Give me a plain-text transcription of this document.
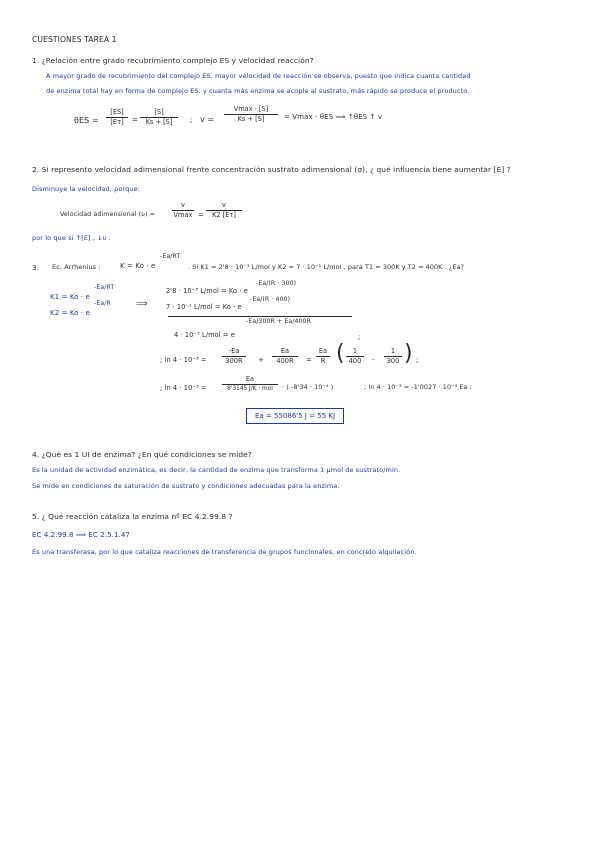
CUESTIONES TAREA 1
1. ¿Relación entre grado recubrimiento complejo ES y velocidad reacción?
A mayor grado de recubrimiento del complejo ES, mayor velocidad de reacción se observa, puesto que indica cuanta cantidad
de enzima total hay en forma de complejo ES, y cuanta más enzima se acople al sustrato, más rápido se produce el producto.
θES =
[ES]
[Eτ]	=
[S]
Ks + [S]	; v =
Vmax · [S]
Ks + [S]	= Vmax · θES ⟹ ↑θES ↑ v
2. Si represento velocidad adimensional frente concentración sustrato adimensional (σ), ¿ qué influencia tiene aumentar [E] ?
Disminuye la velocidad, porque:
Velocidad adimensional (υ) =
v
Vmax =
v
K2 [Eτ]
por lo que si ↑[E] , ↓υ .
3. Ec. Arrhenius :	K = Ko · e
-Ea/RT
. Si K1 = 2'8 · 10⁻³ L/mol y K2 = 7 · 10⁻¹ L/mol , para T1 = 300K y T2 = 400K . ¿Ea?
K1 = Ko · e
-Ea/RT
K2 = Ko · e
-Ea/R	⟹
2'8 · 10⁻³ L/mol = Ko · e
-Ea/(R · 300)
7 · 10⁻¹ L/mol = Ko · e
-Ea/(R · 400)
4 · 10⁻³ L/mol = e
-Ea/300R + Ea/400R
;
; ln 4 · 10⁻³ =
-Ea
300R	+
Ea
400R	=
Ea
R (	1
400	-
1
300 ) ;
; ln 4 · 10⁻³ =
Ea
8'3145 J/K · mol	· ( -8'34 · 10⁻⁴ )	; ln 4 · 10⁻³ = -1'0027 · 10⁻⁴ Ea ;
Ea = 55086'5 J = 55 KJ
4. ¿Qué es 1 UI de enzima? ¿En qué condiciones se mide?
Es la unidad de actividad enzimática, es decir, la cantidad de enzima que transforma 1 µmol de sustrato/min.
Se mide en condiciones de saturación de sustrato y condiciones adecuadas para la enzima.
5. ¿ Qué reacción cataliza la enzima nº EC 4.2.99.8 ?
EC 4.2.99.8 ⟹ EC 2.5.1.47
Es una transferasa, por lo que cataliza reacciones de transferencia de grupos funcionales, en concreto alquilación.
